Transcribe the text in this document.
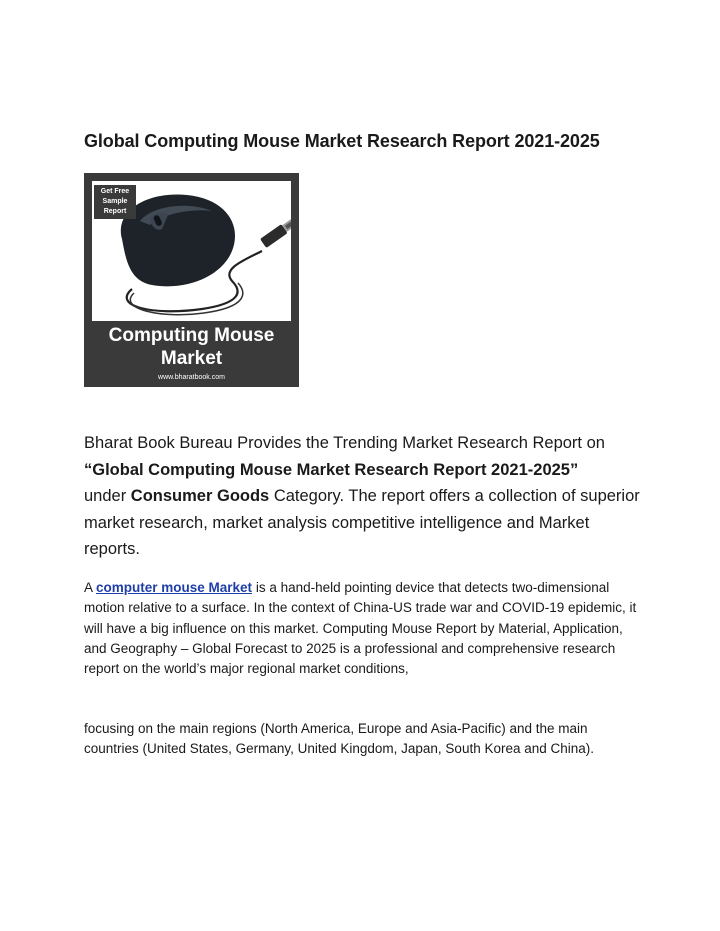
Global Computing Mouse Market Research Report 2021-2025
Get Free
Sample
Report
Computing Mouse
Market
www.bharatbook.com

Bharat Book Bureau Provides the Trending Market Research Report on
“Global Computing Mouse Market Research Report 2021-2025”
under Consumer Goods Category. The report offers a collection of superior market research, market analysis competitive intelligence and Market reports.

A computer mouse Market is a hand-held pointing device that detects two-dimensional motion relative to a surface. In the context of China-US trade war and COVID-19 epidemic, it will have a big influence on this market. Computing Mouse Report by Material, Application, and Geography – Global Forecast to 2025 is a professional and comprehensive research report on the world’s major regional market conditions,

focusing on the main regions (North America, Europe and Asia-Pacific) and the main countries (United States, Germany, United Kingdom, Japan, South Korea and China).
